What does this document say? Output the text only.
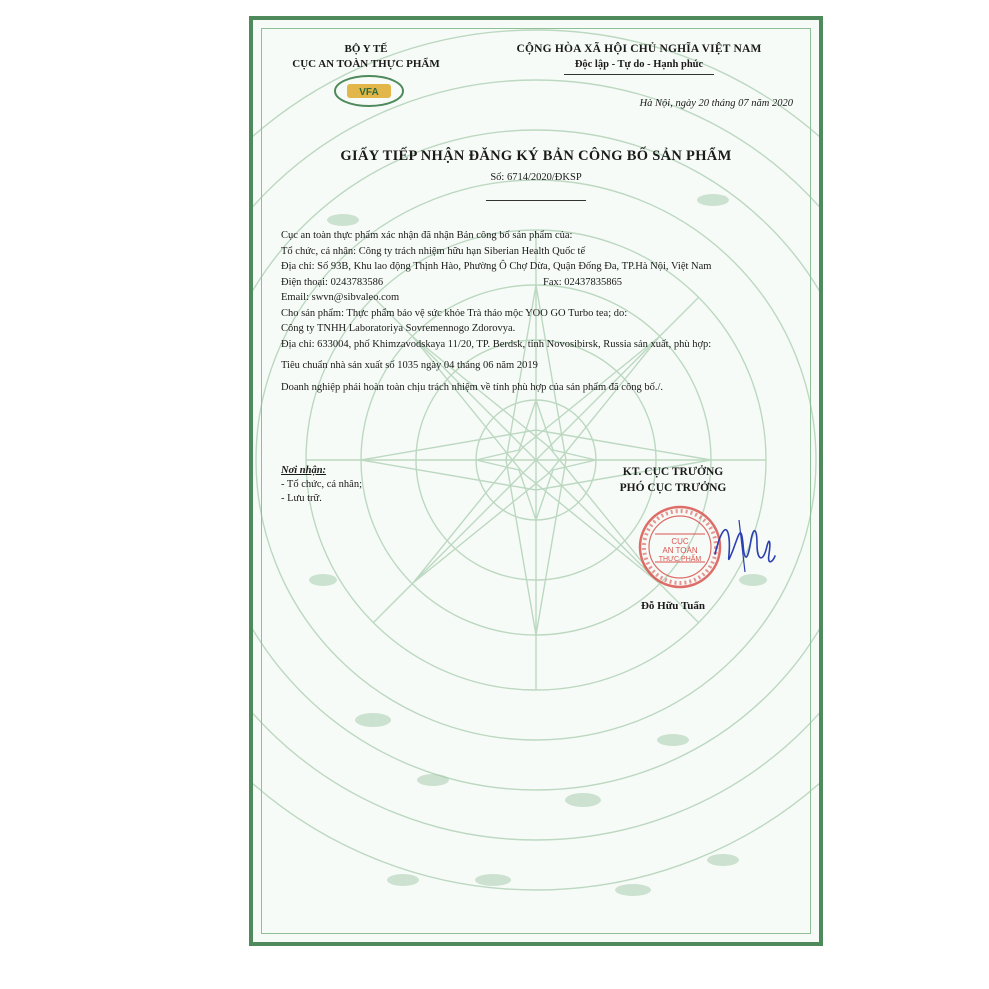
BỘ Y TẾ
CỤC AN TOÀN THỰC PHẨM
VFA
CỘNG HÒA XÃ HỘI CHỦ NGHĨA VIỆT NAM
Độc lập - Tự do - Hạnh phúc
Hà Nội, ngày 20 tháng 07 năm 2020
GIẤY TIẾP NHẬN ĐĂNG KÝ BẢN CÔNG BỐ SẢN PHẨM
Số: 6714/2020/ĐKSP
Cục an toàn thực phẩm xác nhận đã nhận Bản công bố sản phẩm của:
Tổ chức, cá nhân: Công ty trách nhiệm hữu hạn Siberian Health Quốc tế
Địa chỉ: Số 93B, Khu lao động Thịnh Hào, Phường Ô Chợ Dừa, Quận Đống Đa, TP.Hà Nội, Việt Nam
Điện thoại: 0243783586	Fax: 02437835865
Email: swvn@sibvaleo.com
Cho sản phẩm: Thực phẩm bảo vệ sức khỏe Trà thảo mộc YOO GO Turbo tea; do:
Công ty TNHH Laboratoriya Sovremennogo Zdorovya.
Địa chỉ: 633004, phố Khimzavodskaya 11/20, TP. Berdsk, tỉnh Novosibirsk, Russia sản xuất, phù hợp:
Tiêu chuẩn nhà sản xuất số 1035 ngày 04 tháng 06 năm 2019
Doanh nghiệp phải hoàn toàn chịu trách nhiệm về tính phù hợp của sản phẩm đã công bố./.
Nơi nhận:
- Tổ chức, cá nhân;
- Lưu trữ.
KT. CỤC TRƯỞNG
PHÓ CỤC TRƯỞNG
CỤC
AN TOÀN
THỰC PHẨM
Đỗ Hữu Tuấn
